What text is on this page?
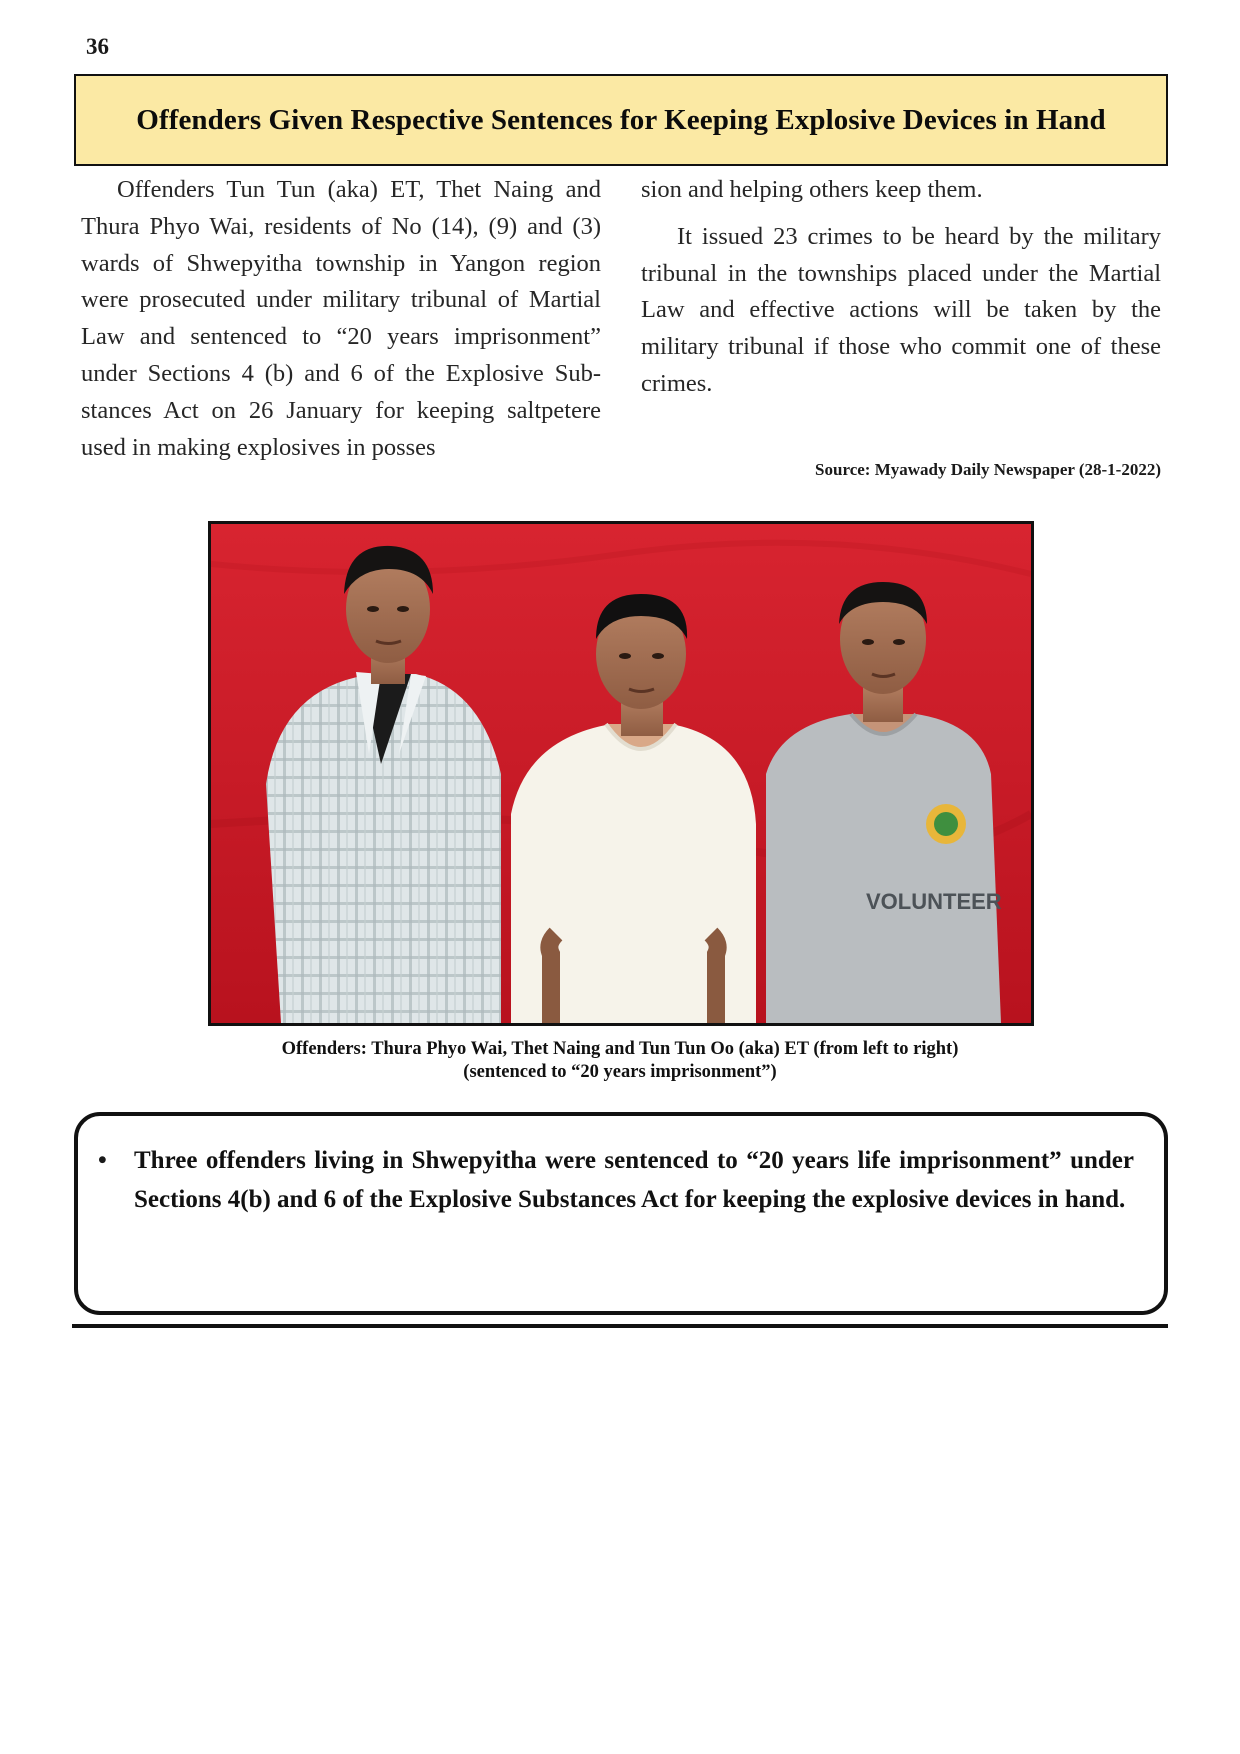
36
Offenders Given Respective Sentences for Keeping Explosive Devices in Hand

Offenders Tun Tun (aka) ET, Thet Naing and Thura Phyo Wai, residents of No (14), (9) and (3) wards of Shwepyitha township in Yangon region were prosecuted under military tribunal of Martial Law and sentenced to “20 years imprisonment” under Sections 4 (b) and 6 of the Explosive Substances Act on 26 January for keeping saltpetere used in making explosives in posses

sion and helping others keep them.

It issued 23 crimes to be heard by the military tribunal in the townships placed under the Martial Law and effective actions will be taken by the military tribunal if those who commit one of these crimes.

Source: Myawady Daily Newspaper (28-1-2022)
VOLUNTEER
Offenders: Thura Phyo Wai, Thet Naing and Tun Tun Oo (aka) ET (from left to right)
(sentenced to “20 years imprisonment”)
• Three offenders living in Shwepyitha were sentenced to “20 years life imprisonment” under Sections 4(b) and 6 of the Explosive Substances Act for keeping the explosive devices in hand.
